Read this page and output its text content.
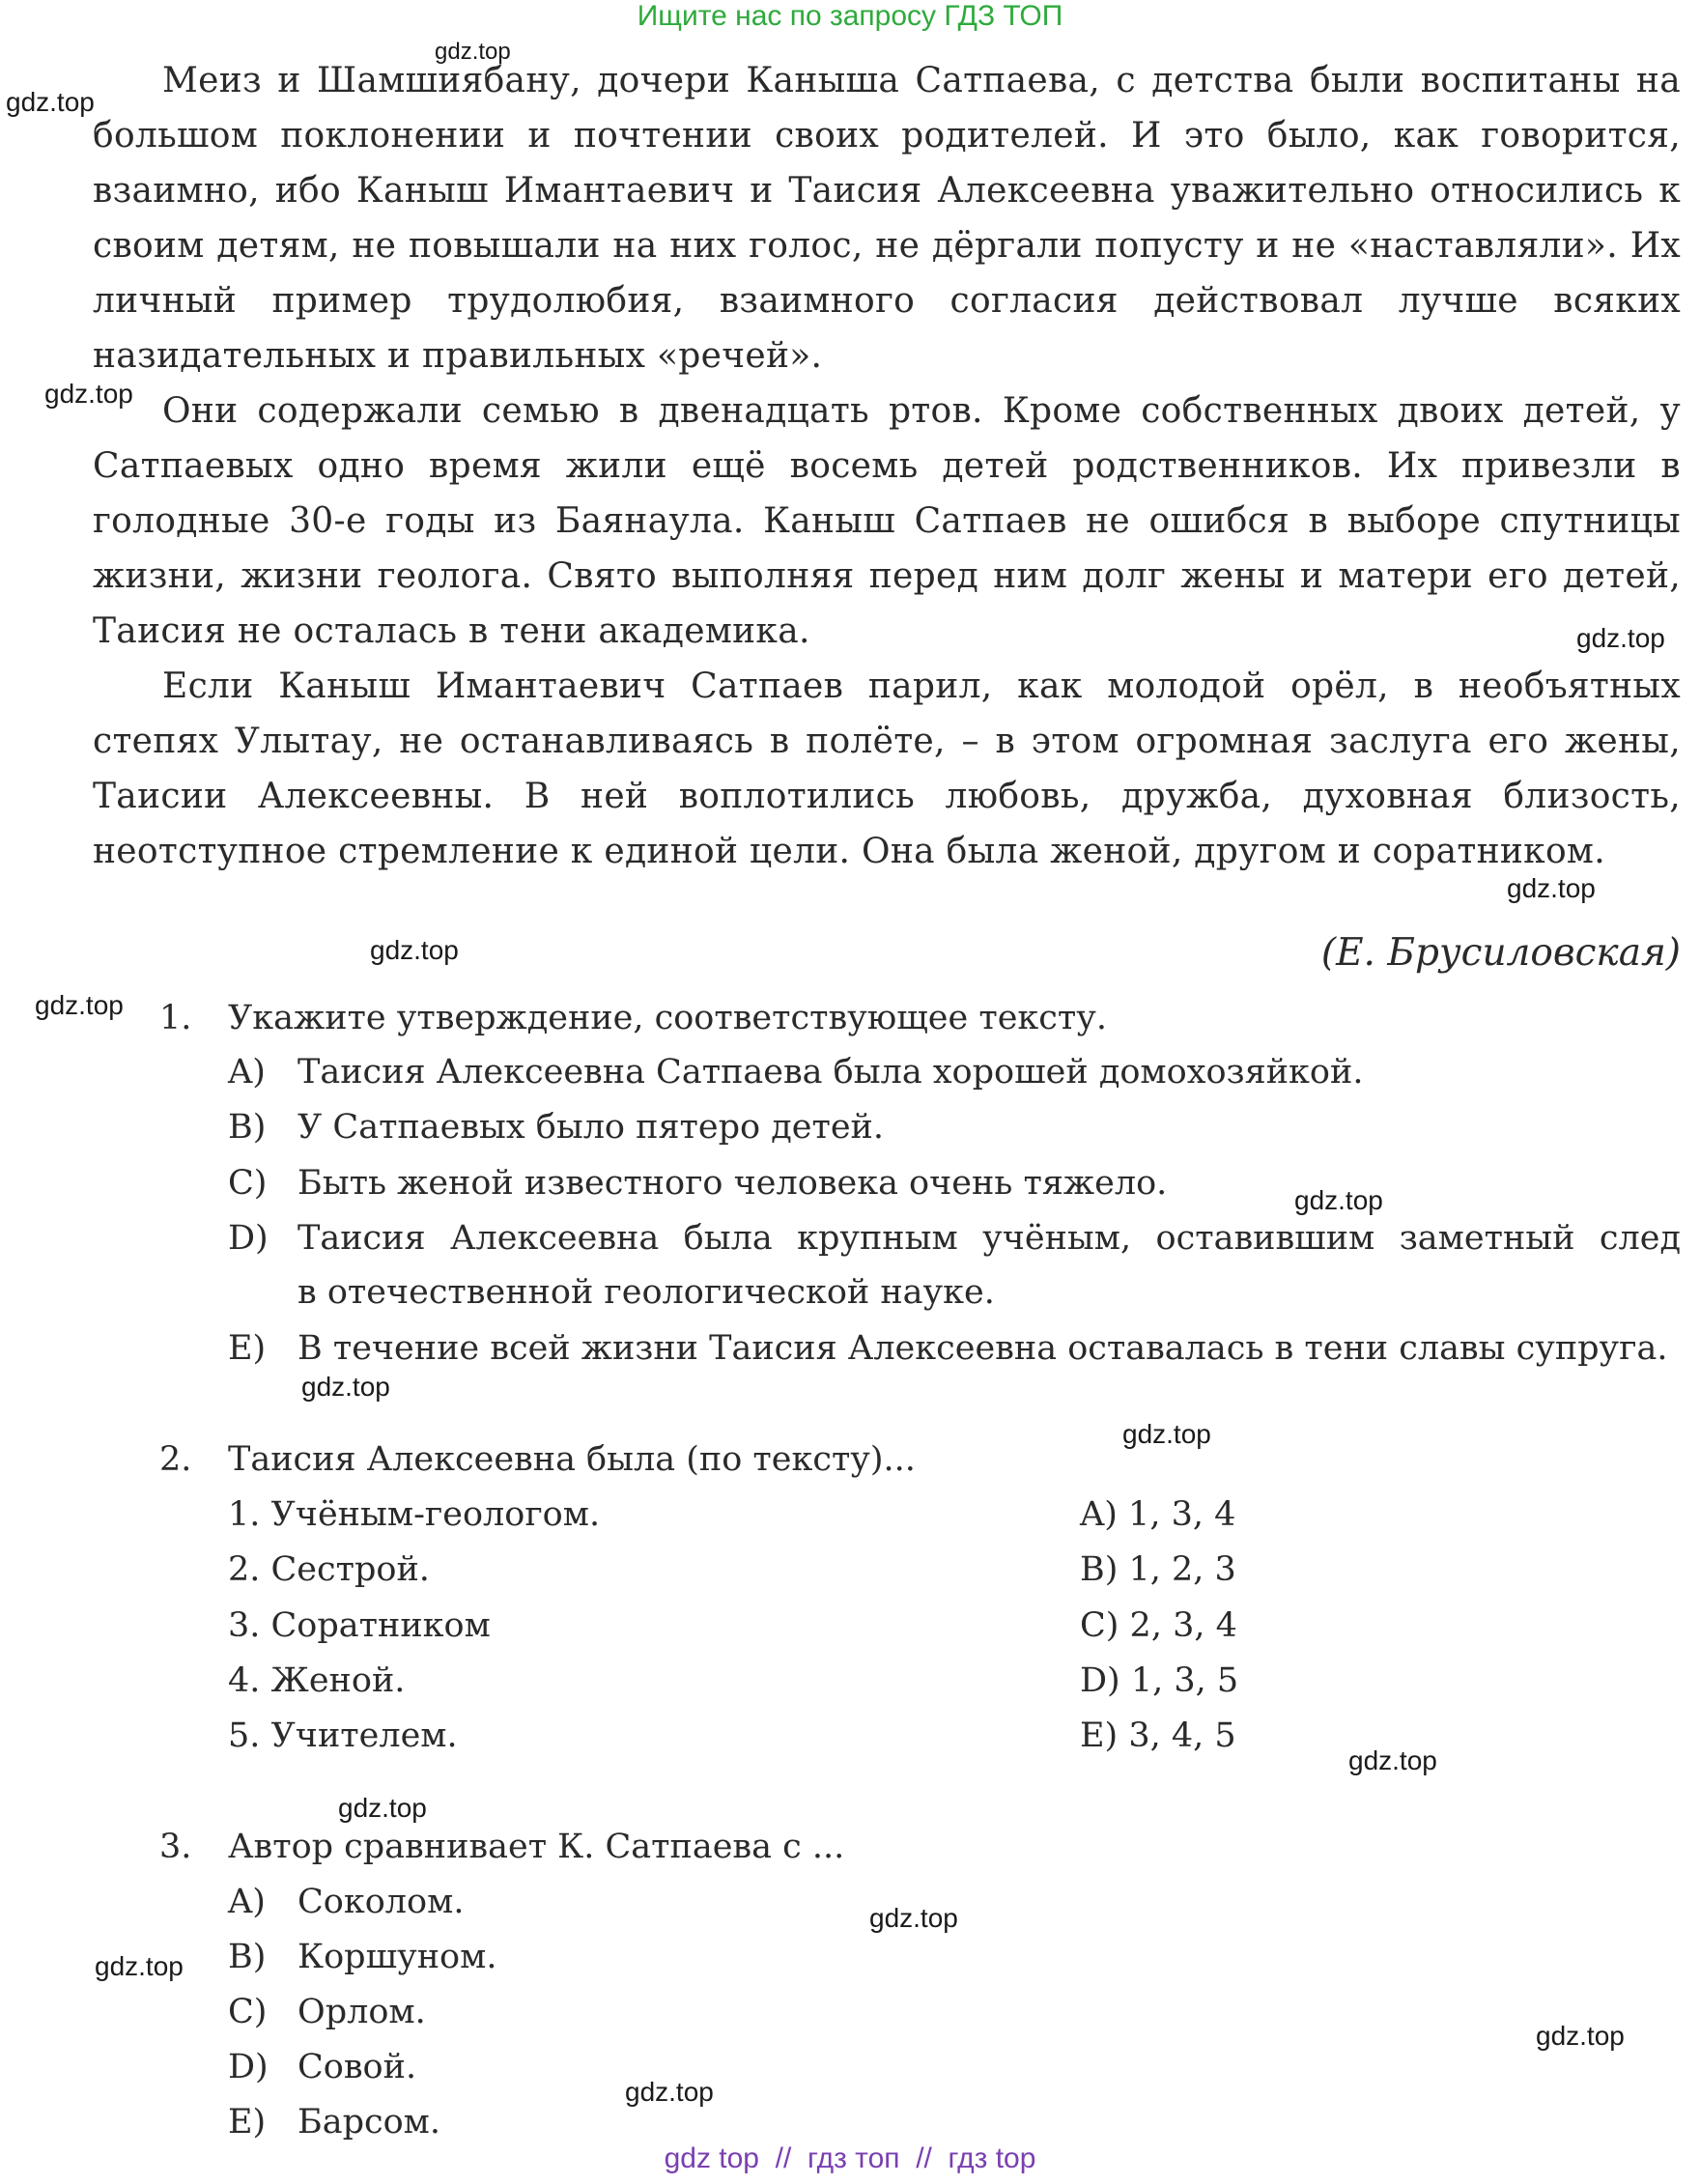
Ищите нас по запросу ГДЗ ТОП

Меиз и Шамшиябану, дочери Каныша Сатпаева, с детства были воспитаны на большом поклонении и почтении своих родителей. И это было, как говорится, взаимно, ибо Каныш Имантаевич и Таисия Алексеевна уважительно относились к своим детям, не повышали на них голос, не дёргали попусту и не «наставляли». Их личный пример трудолюбия, взаимного согласия действовал лучше всяких назидательных и правильных «речей».

Они содержали семью в двенадцать ртов. Кроме собственных двоих детей, у Сатпаевых одно время жили ещё восемь детей родственников. Их привезли в голодные 30-е годы из Баянаула. Каныш Сатпаев не ошибся в выборе спутницы жизни, жизни геолога. Свято выполняя перед ним долг жены и матери его детей, Таисия не осталась в тени академика.

Если Каныш Имантаевич Сатпаев парил, как молодой орёл, в необъятных степях Улытау, не останавливаясь в полёте, – в этом огромная заслуга его жены, Таисии Алексеевны. В ней воплотились любовь, дружба, духовная близость, неотступное стремление к единой цели. Она была женой, другом и соратником.

(Е. Брусиловская)
1.	Укажите утверждение, соответствующее тексту.
A) Таисия Алексеевна Сатпаева была хорошей домохозяйкой.
B) У Сатпаевых было пятеро детей.
C) Быть женой известного человека очень тяжело.
D) Таисия Алексеевна была крупным учёным, оставившим заметный след
в отечественной геологической науке.
E) В течение всей жизни Таисия Алексеевна оставалась в тени славы супруга.
2.	Таисия Алексеевна была (по тексту)...
1. Учёным-геологом.
2. Сестрой.
3. Соратником
4. Женой.
5. Учителем.
A) 1, 3, 4
B) 1, 2, 3
C) 2, 3, 4
D) 1, 3, 5
E) 3, 4, 5
3.	Автор сравнивает К. Сатпаева с ...
A) Соколом.
B) Коршуном.
C) Орлом.
D) Совой.
E) Барсом.
gdz.top
gdz.top
gdz.top
gdz.top
gdz.top
gdz.top
gdz.top
gdz.top
gdz.top
gdz.top
gdz.top
gdz.top
gdz.top
gdz.top
gdz.top
gdz.top
gdz top  //  гдз топ  //  гдз top
